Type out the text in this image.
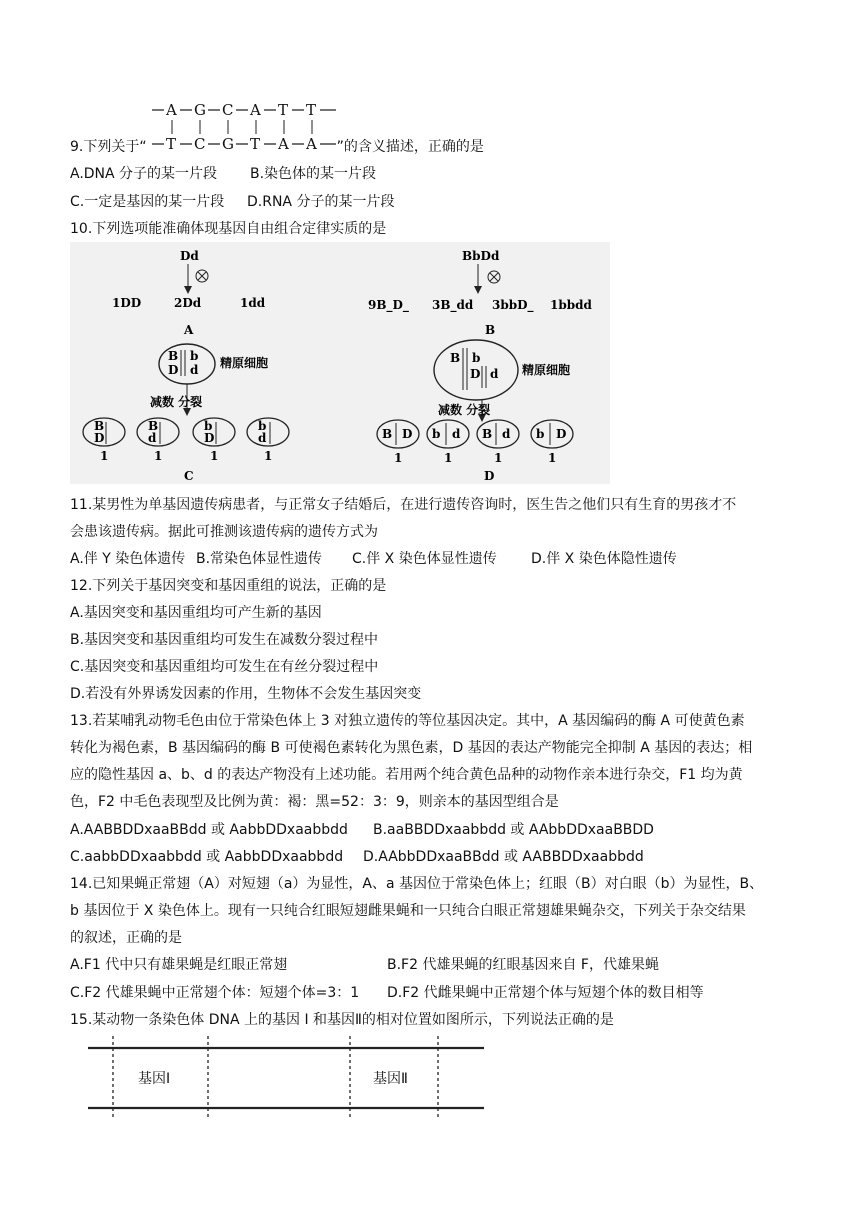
A G C A T T
T C G T A A
9.下列关于“	”的含义描述，正确的是
A.DNA 分子的某一片段 B.染色体的某一片段
C.一定是基因的某一片段 D.RNA 分子的某一片段
10.下列选项能准确体现基因自由组合定律实质的是
Dd
1DD	2Dd	1dd
A
B
D
b
d 精原细胞
减数 分裂
B
D
B
d
b
D
b
d
1	1	1	1
C
BbDd
9B_D_ 3B_dd 3bbD_ 1bbdd
B
B b
D d 精原细胞
减数 分裂
B D b d B d b D
1	1	1	1
D
11.某男性为单基因遗传病患者，与正常女子结婚后，在进行遗传咨询时，医生告之他们只有生育的男孩才不
会患该遗传病。据此可推测该遗传病的遗传方式为
A.伴 Y 染色体遗传 B.常染色体显性遗传 C.伴 X 染色体显性遗传 D.伴 X 染色体隐性遗传
12.下列关于基因突变和基因重组的说法，正确的是
A.基因突变和基因重组均可产生新的基因
B.基因突变和基因重组均可发生在减数分裂过程中
C.基因突变和基因重组均可发生在有丝分裂过程中
D.若没有外界诱发因素的作用，生物体不会发生基因突变
13.若某哺乳动物毛色由位于常染色体上 3 对独立遗传的等位基因决定。其中，A 基因编码的酶 A 可使黄色素
转化为褐色素，B 基因编码的酶 B 可使褐色素转化为黑色素，D 基因的表达产物能完全抑制 A 基因的表达；相
应的隐性基因 a、b、d 的表达产物没有上述功能。若用两个纯合黄色品种的动物作亲本进行杂交，F1 均为黄
色，F2 中毛色表现型及比例为黄：褐：黑=52：3：9，则亲本的基因型组合是
A.AABBDDxaaBBdd 或 AabbDDxaabbdd B.aaBBDDxaabbdd 或 AAbbDDxaaBBDD
C.aabbDDxaabbdd 或 AabbDDxaabbdd D.AAbbDDxaaBBdd 或 AABBDDxaabbdd
14.已知果蝇正常翅（A）对短翅（a）为显性，A、a 基因位于常染色体上；红眼（B）对白眼（b）为显性，B、
b 基因位于 X 染色体上。现有一只纯合红眼短翅雌果蝇和一只纯合白眼正常翅雄果蝇杂交，下列关于杂交结果
的叙述，正确的是
A.F1 代中只有雄果蝇是红眼正常翅	B.F2 代雄果蝇的红眼基因来自 F，代雄果蝇
C.F2 代雄果蝇中正常翅个体：短翅个体=3：1 D.F2 代雌果蝇中正常翅个体与短翅个体的数目相等
15.某动物一条染色体 DNA 上的基因 I 和基因Ⅱ的相对位置如图所示，下列说法正确的是
基因Ⅰ	基因Ⅱ
